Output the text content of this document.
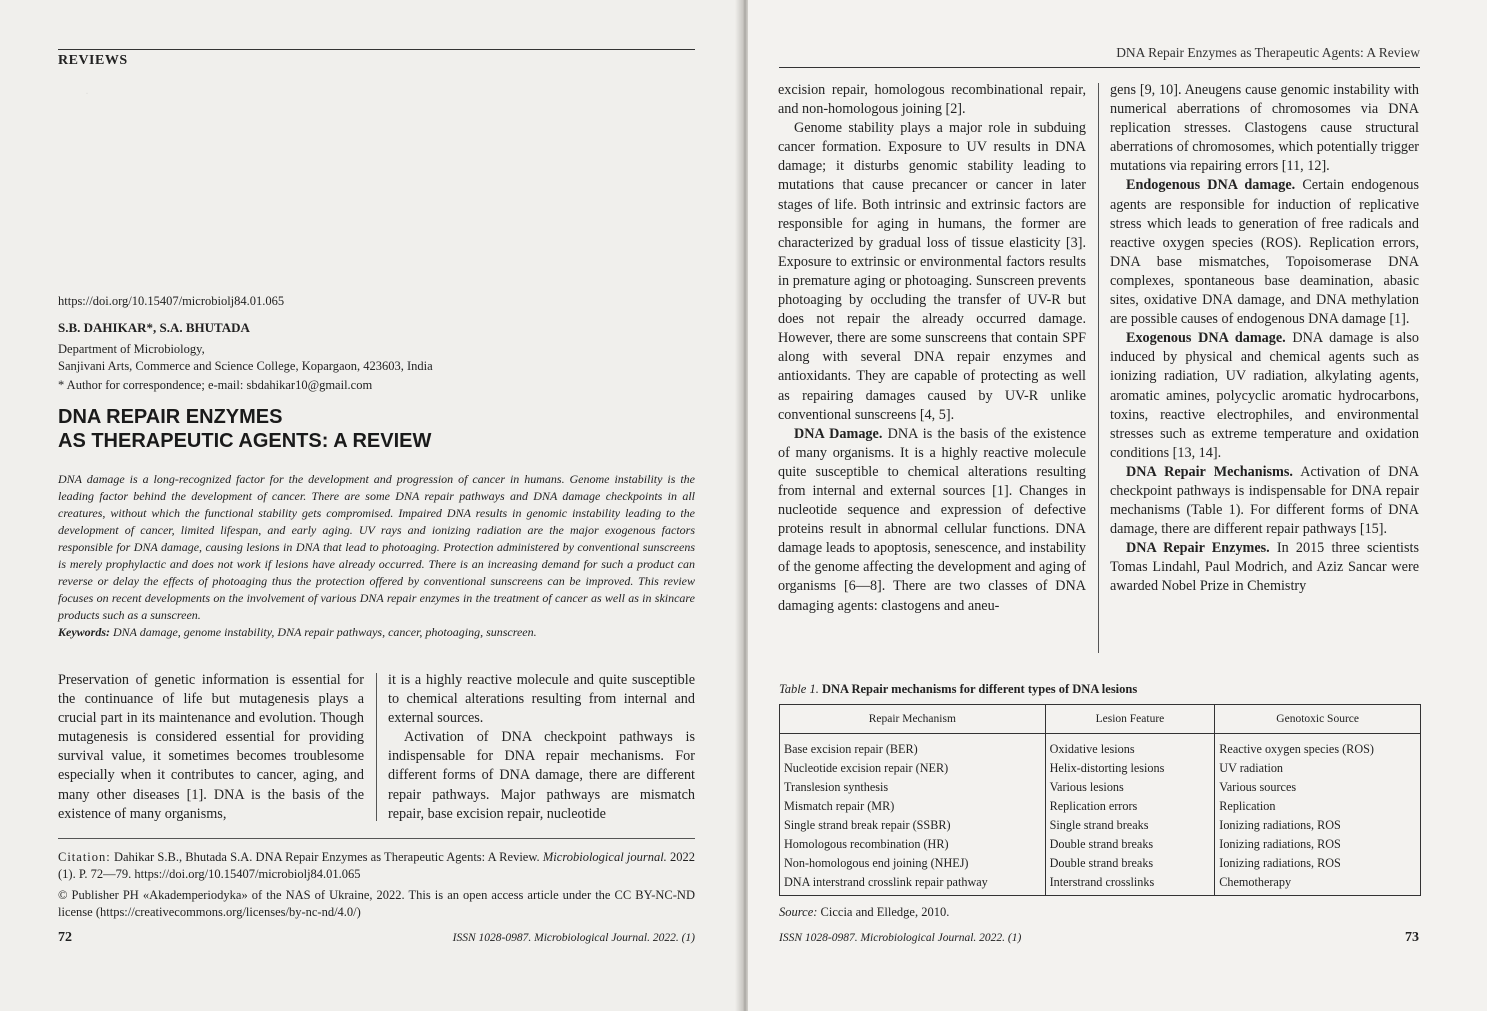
·
REVIEWS
https://doi.org/10.15407/microbiolj84.01.065
S.B. DAHIKAR*, S.A. BHUTADA
Department of Microbiology,
Sanjivani Arts, Commerce and Science College, Kopargaon, 423603, India
* Author for correspondence; e-mail: sbdahikar10@gmail.com
DNA REPAIR ENZYMES
AS THERAPEUTIC AGENTS: A REVIEW

DNA damage is a long-recognized factor for the development and progression of cancer in humans. Genome instability is the leading factor behind the development of cancer. There are some DNA repair pathways and DNA damage checkpoints in all creatures, without which the functional stability gets compromised. Impaired DNA results in genomic instability leading to the development of cancer, limited lifespan, and early aging. UV rays and ionizing radiation are the major exogenous factors responsible for DNA damage, causing lesions in DNA that lead to photoaging. Protection administered by conventional sunscreens is merely prophylactic and does not work if lesions have already occurred. There is an increasing demand for such a product can reverse or delay the effects of photoaging thus the protection offered by conventional sunscreens can be improved. This review focuses on recent developments on the involvement of various DNA repair enzymes in the treatment of cancer as well as in skincare products such as a sunscreen.

Keywords: DNA damage, genome instability, DNA repair pathways, cancer, photoaging, sunscreen.

Preservation of genetic information is essential for the continuance of life but mutagenesis plays a crucial part in its maintenance and evolution. Though mutagenesis is considered essential for providing survival value, it sometimes becomes troublesome especially when it contributes to cancer, aging, and many other diseases [1]. DNA is the basis of the existence of many organisms,

it is a highly reactive molecule and quite susceptible to chemical alterations resulting from internal and external sources.

Activation of DNA checkpoint pathways is indispensable for DNA repair mechanisms. For different forms of DNA damage, there are different repair pathways. Major pathways are mismatch repair, base excision repair, nucleotide

Citation: Dahikar S.B., Bhutada S.A. DNA Repair Enzymes as Therapeutic Agents: A Review. Microbiological journal. 2022 (1). P. 72—79. https://doi.org/10.15407/microbiolj84.01.065
© Publisher PH «Akademperiodyka» of the NAS of Ukraine, 2022. This is an open access article under the CC BY-NC-ND license (https://creativecommons.org/licenses/by-nc-nd/4.0/)
72	ISSN 1028-0987. Microbiological Journal. 2022. (1)
DNA Repair Enzymes as Therapeutic Agents: A Review

excision repair, homologous recombinational repair, and non-homologous joining [2].

Genome stability plays a major role in subduing cancer formation. Exposure to UV results in DNA damage; it disturbs genomic stability leading to mutations that cause precancer or cancer in later stages of life. Both intrinsic and extrinsic factors are responsible for aging in humans, the former are characterized by gradual loss of tissue elasticity [3]. Exposure to extrinsic or environmental factors results in premature aging or photoaging. Sunscreen prevents photoaging by occluding the transfer of UV-R but does not repair the already occurred damage. However, there are some sunscreens that contain SPF along with several DNA repair enzymes and antioxidants. They are capable of protecting as well as repairing damages caused by UV-R unlike conventional sunscreens [4, 5].

DNA Damage. DNA is the basis of the existence of many organisms. It is a highly reactive molecule quite susceptible to chemical alterations resulting from internal and external sources [1]. Changes in nucleotide sequence and expression of defective proteins result in abnormal cellular functions. DNA damage leads to apoptosis, senescence, and instability of the genome affecting the development and aging of organisms [6—8]. There are two classes of DNA damaging agents: clastogens and aneu-

gens [9, 10]. Aneugens cause genomic instability with numerical aberrations of chromosomes via DNA replication stresses. Clastogens cause structural aberrations of chromosomes, which potentially trigger mutations via repairing errors [11, 12].

Endogenous DNA damage. Certain endogenous agents are responsible for induction of replicative stress which leads to generation of free radicals and reactive oxygen species (ROS). Replication errors, DNA base mismatches, Topoisomerase DNA complexes, spontaneous base deamination, abasic sites, oxidative DNA damage, and DNA methylation are possible causes of endogenous DNA damage [1].

Exogenous DNA damage. DNA damage is also induced by physical and chemical agents such as ionizing radiation, UV radiation, alkylating agents, aromatic amines, polycyclic aromatic hydrocarbons, toxins, reactive electrophiles, and environmental stresses such as extreme temperature and oxidation conditions [13, 14].

DNA Repair Mechanisms. Activation of DNA checkpoint pathways is indispensable for DNA repair mechanisms (Table 1). For different forms of DNA damage, there are different repair pathways [15].

DNA Repair Enzymes. In 2015 three scientists Tomas Lindahl, Paul Modrich, and Aziz Sancar were awarded Nobel Prize in Chemistry

Table 1. DNA Repair mechanisms for different types of DNA lesions
Repair Mechanism	Lesion Feature	Genotoxic Source
Base excision repair (BER)	Oxidative lesions	Reactive oxygen species (ROS)
Nucleotide excision repair (NER)	Helix-distorting lesions	UV radiation
Translesion synthesis	Various lesions	Various sources
Mismatch repair (MR)	Replication errors	Replication
Single strand break repair (SSBR)	Single strand breaks	Ionizing radiations, ROS
Homologous recombination (HR)	Double strand breaks	Ionizing radiations, ROS
Non-homologous end joining (NHEJ)	Double strand breaks	Ionizing radiations, ROS
DNA interstrand crosslink repair pathway	Interstrand crosslinks	Chemotherapy
Source: Ciccia and Elledge, 2010.
ISSN 1028-0987. Microbiological Journal. 2022. (1)	73
